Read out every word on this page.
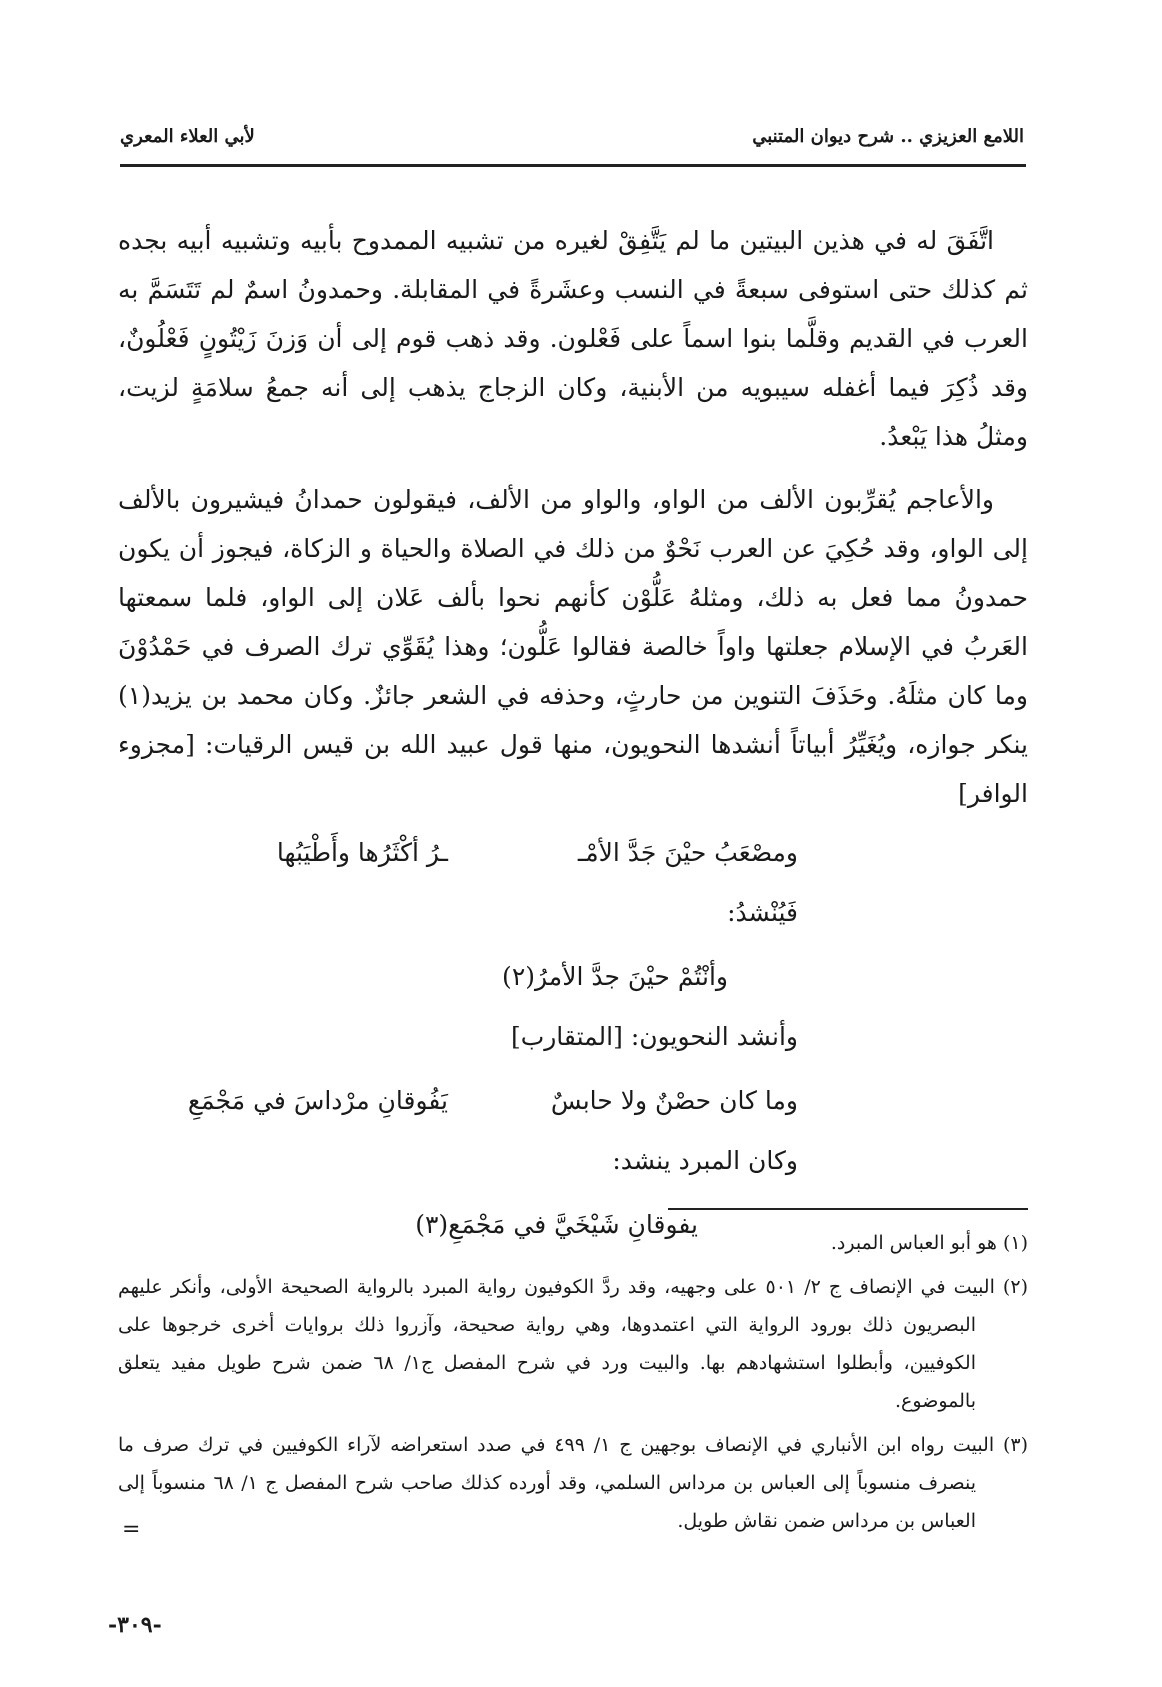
اللامع العزيزي .. شرح ديوان المتنبي
لأبي العلاء المعري

اتَّفَقَ له في هذين البيتين ما لم يَتَّفِقْ لغيره من تشبيه الممدوح بأبيه وتشبيه أبيه بجده ثم كذلك حتى استوفى سبعةً في النسب وعشَرةً في المقابلة. وحمدونُ اسمٌ لم تَتَسَمَّ به العرب في القديم وقلَّما بنوا اسماً على فَعْلون. وقد ذهب قوم إلى أن وَزنَ زَيْتُونٍ فَعْلُونٌ، وقد ذُكِرَ فيما أغفله سيبويه من الأبنية، وكان الزجاج يذهب إلى أنه جمعُ سلامَةٍ لزيت، ومثلُ هذا يَبْعدُ.

والأعاجم يُقرِّبون الألف من الواو، والواو من الألف، فيقولون حمدانُ فيشيرون بالألف إلى الواو، وقد حُكِيَ عن العرب نَحْوٌ من ذلك في الصلاة والحياة و الزكاة، فيجوز أن يكون حمدونُ مما فعل به ذلك، ومثلهُ عَلُّوْن كأنهم نحوا بألف عَلان إلى الواو، فلما سمعتها العَربُ في الإسلام جعلتها واواً خالصة فقالوا عَلُّون؛ وهذا يُقَوِّي ترك الصرف في حَمْدُوْنَ وما كان مثلَهُ. وحَذَفَ التنوين من حارثٍ، وحذفه في الشعر جائزٌ. وكان محمد بن يزيد(١) ينكر جوازه، ويُغَيِّرُ أبياتاً أنشدها النحويون، منها قول عبيد الله بن قيس الرقيات: [مجزوء الوافر]

ومصْعَبُ حيْنَ جَدَّ الأمْـ
ـرُ أكْثَرُها وأَطْيَبُها
فَيُنْشدُ:
وأنْتُمْ حيْنَ جدَّ الأمرُ(٢)
وأنشد النحويون: [المتقارب]
وما كان حصْنٌ ولا حابسٌ
يَفُوقانِ مرْداسَ في مَجْمَعِ
وكان المبرد ينشد:
يفوقانِ شَيْخَيَّ في مَجْمَعِ(٣)

(١) هو أبو العباس المبرد.

(٢) البيت في الإنصاف ج ٢/ ٥٠١ على وجهيه، وقد ردَّ الكوفيون رواية المبرد بالرواية الصحيحة الأولى، وأنكر عليهم البصريون ذلك بورود الرواية التي اعتمدوها، وهي رواية صحيحة، وآزروا ذلك بروايات أخرى خرجوها على الكوفيين، وأبطلوا استشهادهم بها. والبيت ورد في شرح المفصل ج١/ ٦٨ ضمن شرح طويل مفيد يتعلق بالموضوع.

(٣) البيت رواه ابن الأنباري في الإنصاف بوجهين ج ١/ ٤٩٩ في صدد استعراضه لآراء الكوفيين في ترك صرف ما ينصرف منسوباً إلى العباس بن مرداس السلمي، وقد أورده كذلك صاحب شرح المفصل ج ١/ ٦٨ منسوباً إلى العباس بن مرداس ضمن نقاش طويل.

=
-٣٠٩-
